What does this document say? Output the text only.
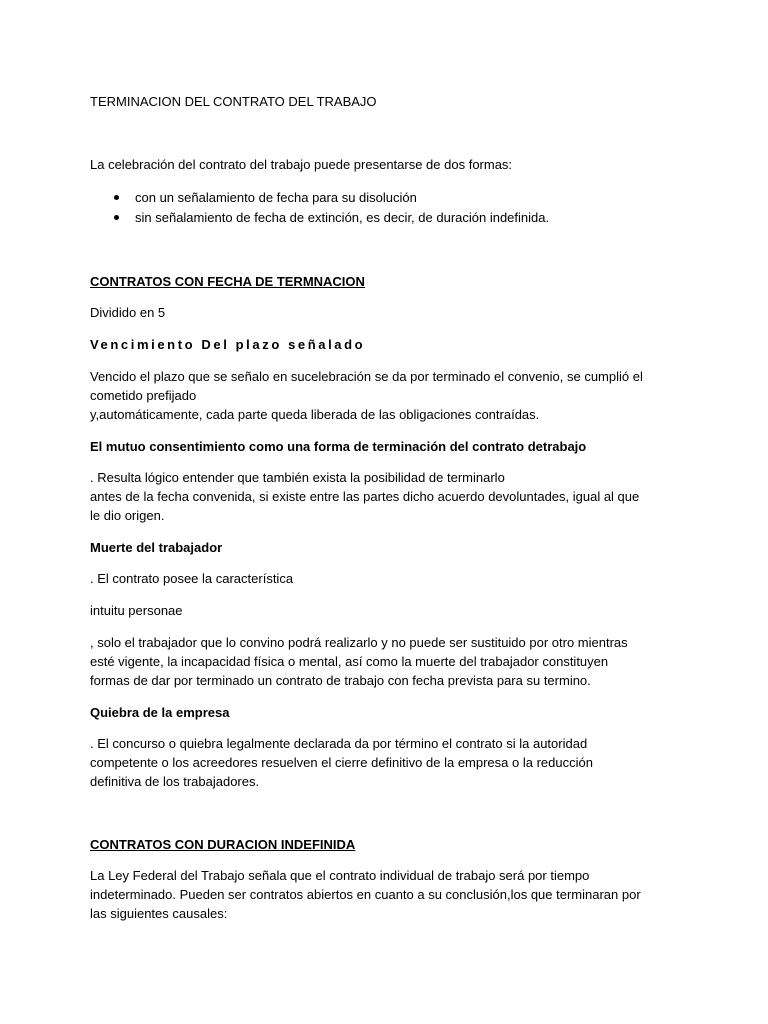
TERMINACION DEL CONTRATO DEL TRABAJO
La celebración del contrato del trabajo puede presentarse de dos formas:
con un señalamiento de fecha para su disolución
sin señalamiento de fecha de extinción, es decir, de duración indefinida.
CONTRATOS CON FECHA DE TERMNACION
Dividido en 5
Vencimiento Del plazo señalado
Vencido el plazo que se señalo en sucelebración se da por terminado el convenio, se cumplió el
cometido prefijado
y,automáticamente, cada parte queda liberada de las obligaciones contraídas.
El mutuo consentimiento como una forma de terminación del contrato detrabajo
. Resulta lógico entender que también exista la posibilidad de terminarlo
antes de la fecha convenida, si existe entre las partes dicho acuerdo devoluntades, igual al que
le dio origen.
Muerte del trabajador
. El contrato posee la característica
intuitu personae
, solo el trabajador que lo convino podrá realizarlo y no puede ser sustituido por otro mientras
esté vigente, la incapacidad física o mental, así como la muerte del trabajador constituyen
formas de dar por terminado un contrato de trabajo con fecha prevista para su termino.
Quiebra de la empresa
. El concurso o quiebra legalmente declarada da por término el contrato si la autoridad
competente o los acreedores resuelven el cierre definitivo de la empresa o la reducción
definitiva de los trabajadores.
CONTRATOS CON DURACION INDEFINIDA
La Ley Federal del Trabajo señala que el contrato individual de trabajo será por tiempo
indeterminado. Pueden ser contratos abiertos en cuanto a su conclusión,los que terminaran por
las siguientes causales:
